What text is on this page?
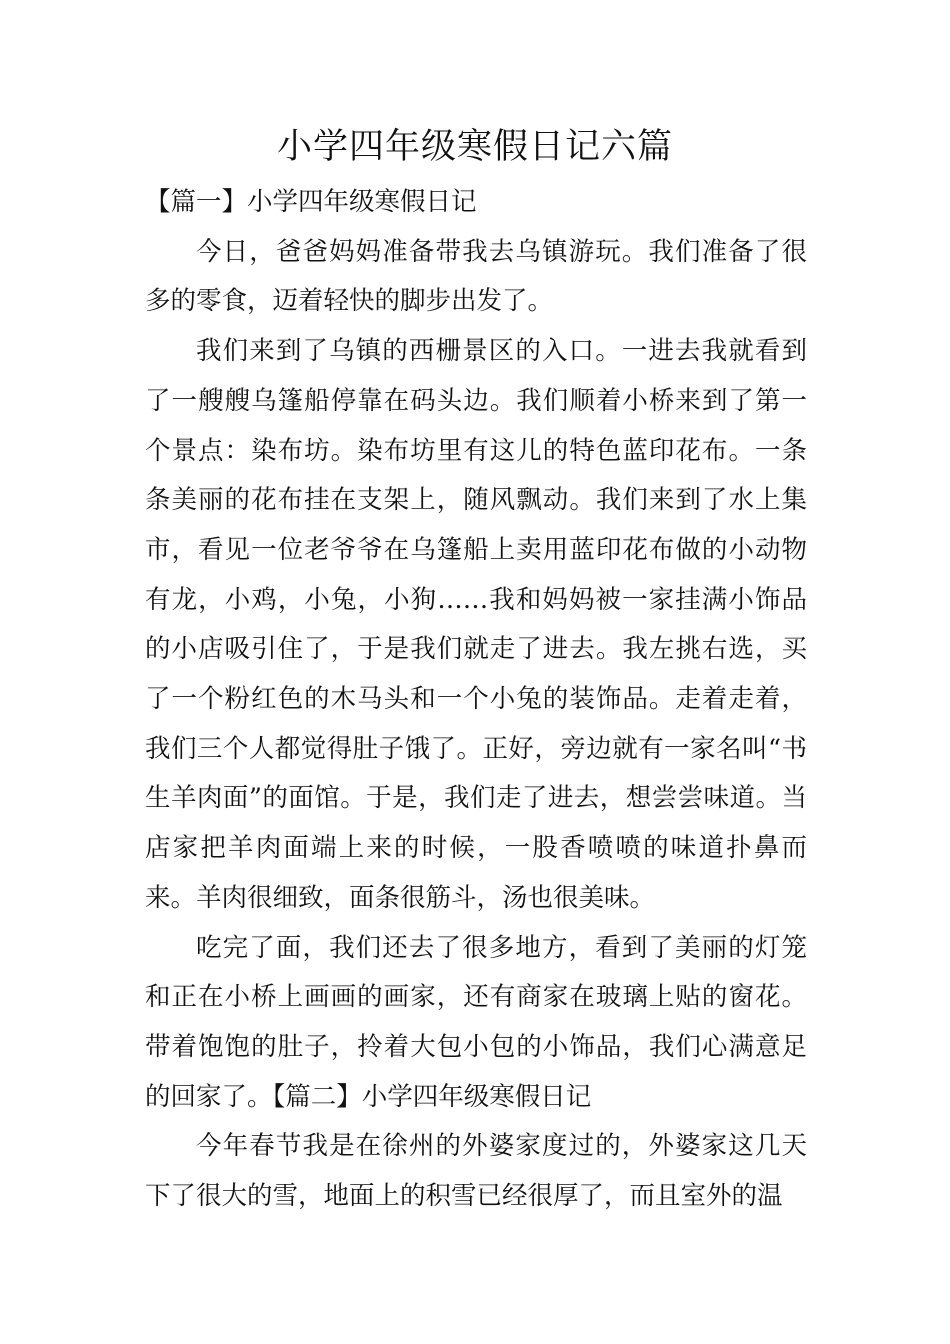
小学四年级寒假日记六篇

【篇一】小学四年级寒假日记

今日，爸爸妈妈准备带我去乌镇游玩。我们准备了很多的零食，迈着轻快的脚步出发了。

我们来到了乌镇的西栅景区的入口。一进去我就看到了一艘艘乌篷船停靠在码头边。我们顺着小桥来到了第一个景点：染布坊。染布坊里有这儿的特色蓝印花布。一条条美丽的花布挂在支架上，随风飘动。我们来到了水上集市，看见一位老爷爷在乌篷船上卖用蓝印花布做的小动物有龙，小鸡，小兔，小狗……我和妈妈被一家挂满小饰品的小店吸引住了，于是我们就走了进去。我左挑右选，买了一个粉红色的木马头和一个小兔的装饰品。走着走着，我们三个人都觉得肚子饿了。正好，旁边就有一家名叫“书生羊肉面”的面馆。于是，我们走了进去，想尝尝味道。当店家把羊肉面端上来的时候，一股香喷喷的味道扑鼻而来。羊肉很细致，面条很筋斗，汤也很美味。

吃完了面，我们还去了很多地方，看到了美丽的灯笼和正在小桥上画画的画家，还有商家在玻璃上贴的窗花。带着饱饱的肚子，拎着大包小包的小饰品，我们心满意足的回家了。【篇二】小学四年级寒假日记

今年春节我是在徐州的外婆家度过的，外婆家这几天下了很大的雪，地面上的积雪已经很厚了，而且室外的温
